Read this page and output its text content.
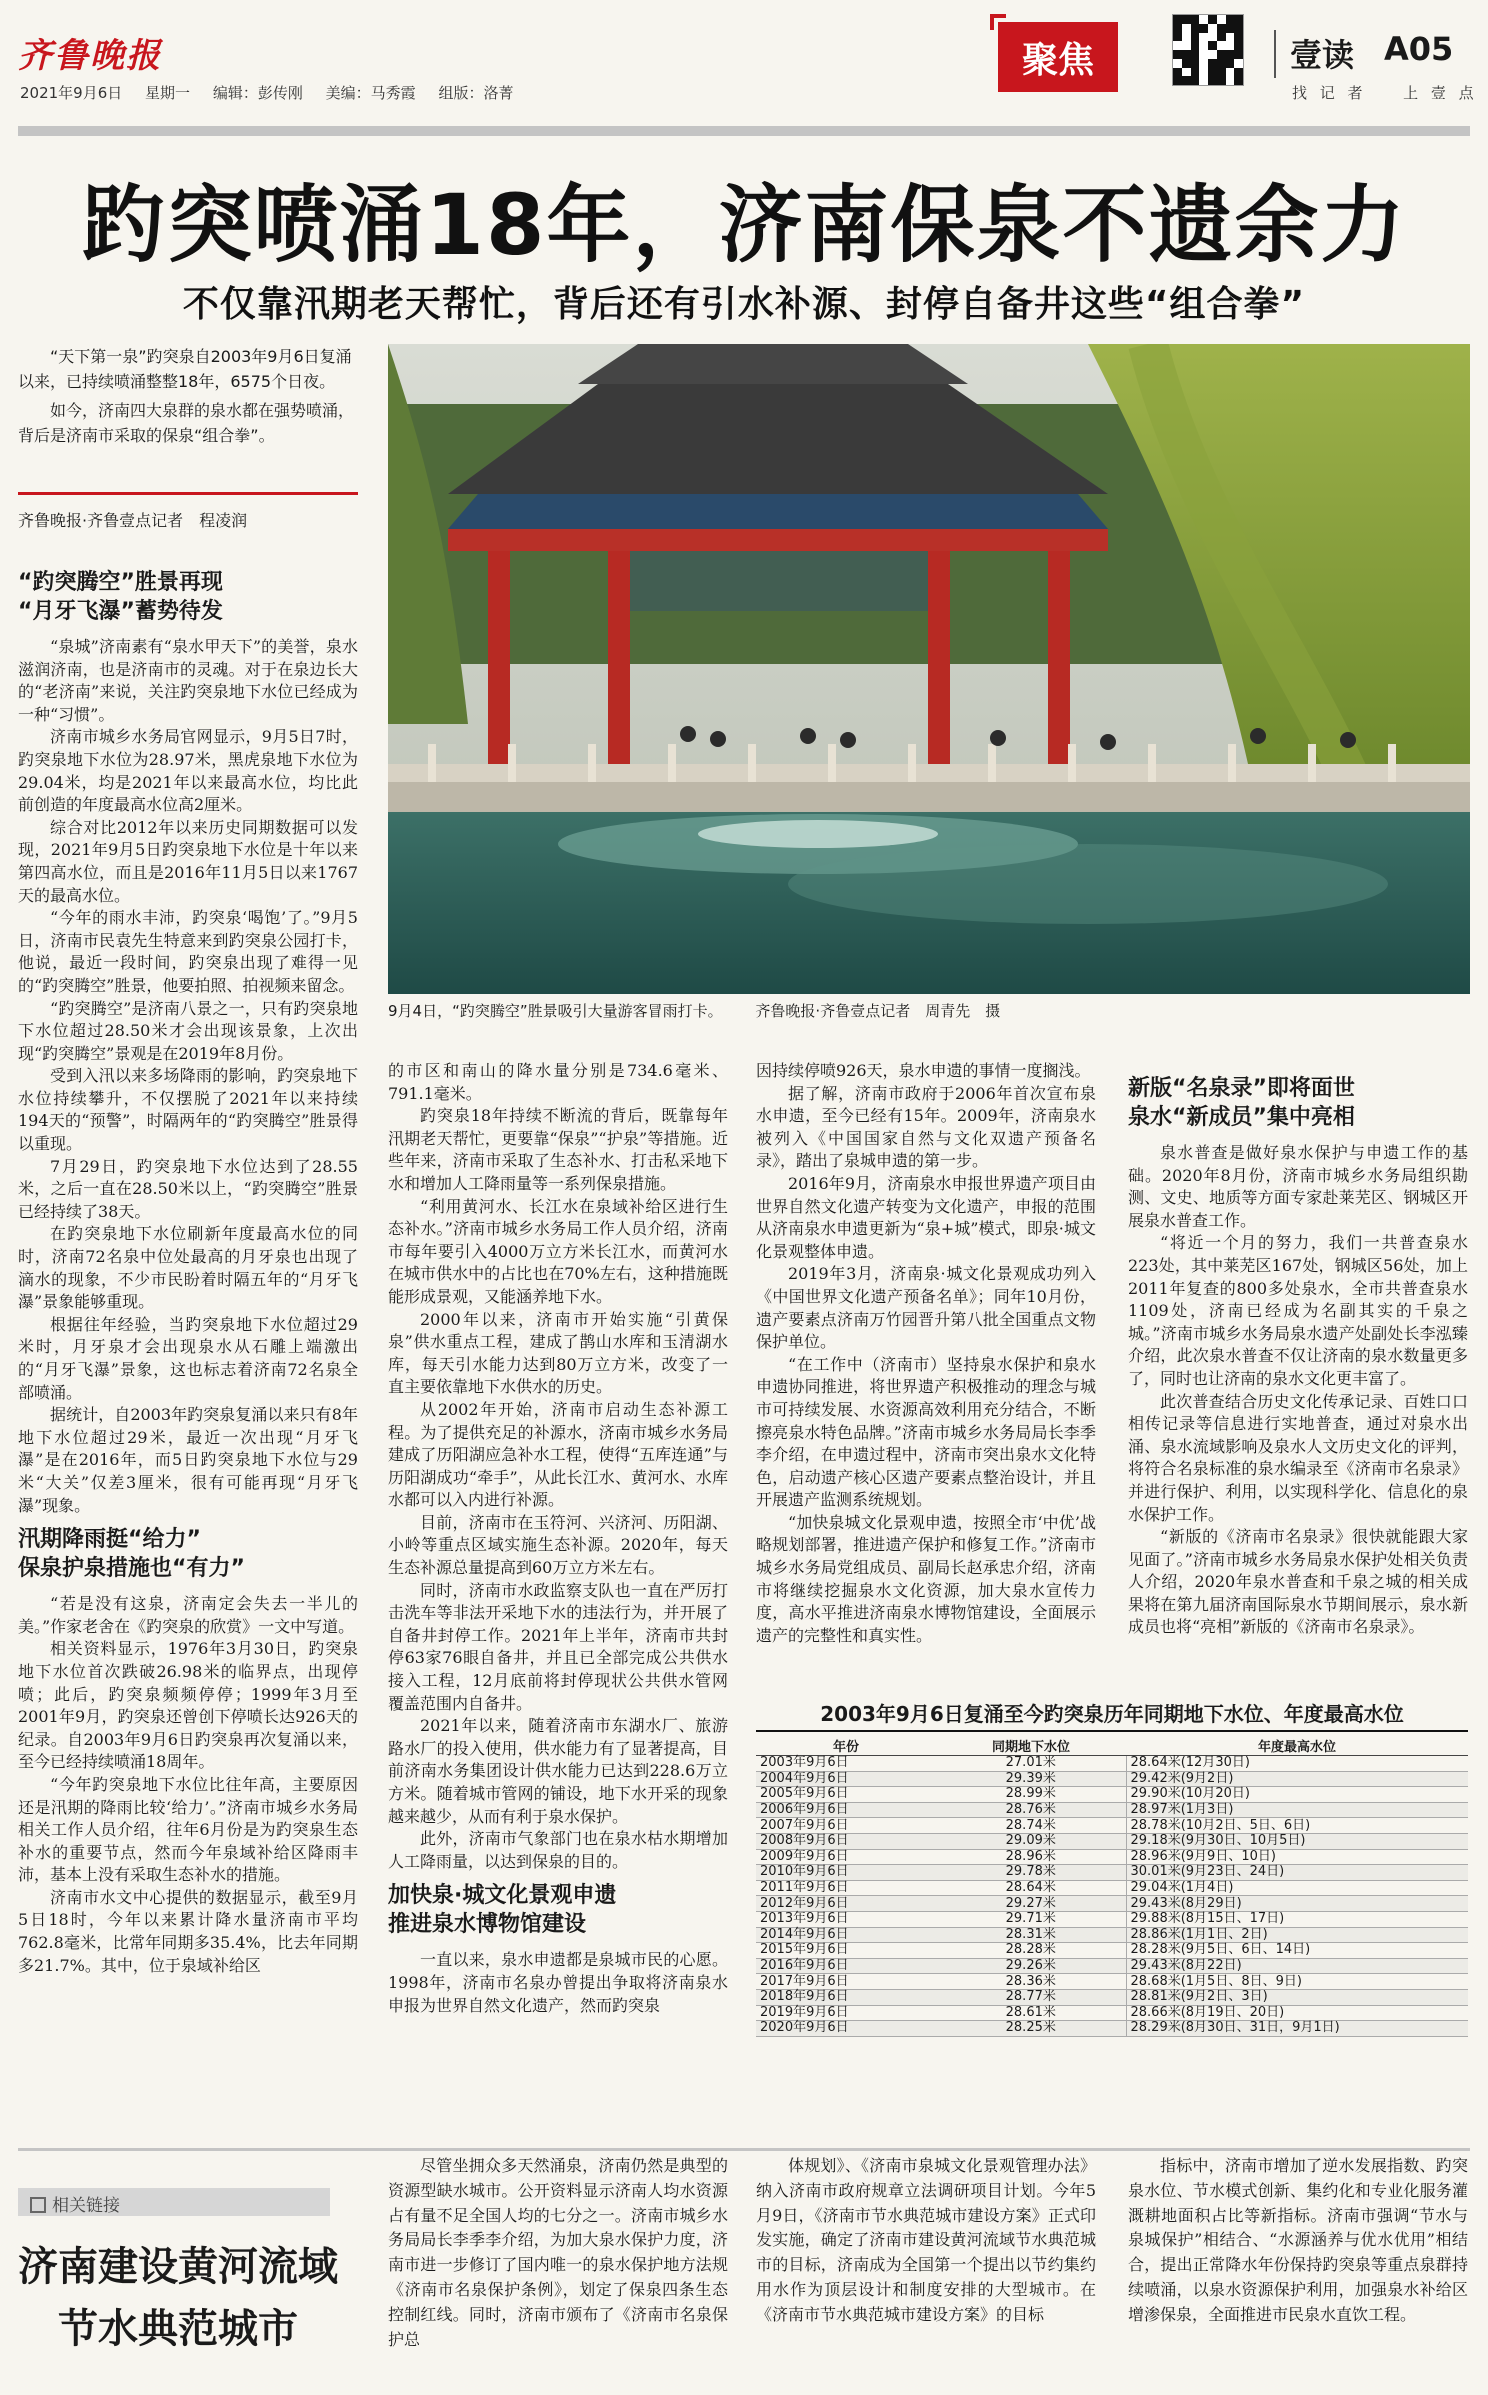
齐鲁晚报
2021年9月6日 星期一 编辑：彭传刚 美编：马秀霞 组版：洛菁
聚焦	壹读 A05
找 记 者 　 上 壹 点
趵突喷涌18年，济南保泉不遗余力
不仅靠汛期老天帮忙，背后还有引水补源、封停自备井这些“组合拳”

“天下第一泉”趵突泉自2003年9月6日复涌以来，已持续喷涌整整18年，6575个日夜。

如今，济南四大泉群的泉水都在强势喷涌，背后是济南市采取的保泉“组合拳”。

齐鲁晚报·齐鲁壹点记者　程凌润
9月4日，“趵突腾空”胜景吸引大量游客冒雨打卡。 齐鲁晚报·齐鲁壹点记者　周青先　摄
“趵突腾空”胜景再现
“月牙飞瀑”蓄势待发

“泉城”济南素有“泉水甲天下”的美誉，泉水滋润济南，也是济南市的灵魂。对于在泉边长大的“老济南”来说，关注趵突泉地下水位已经成为一种“习惯”。

济南市城乡水务局官网显示，9月5日7时，趵突泉地下水位为28.97米，黑虎泉地下水位为29.04米，均是2021年以来最高水位，均比此前创造的年度最高水位高2厘米。

综合对比2012年以来历史同期数据可以发现，2021年9月5日趵突泉地下水位是十年以来第四高水位，而且是2016年11月5日以来1767天的最高水位。

“今年的雨水丰沛，趵突泉‘喝饱’了。”9月5日，济南市民袁先生特意来到趵突泉公园打卡，他说，最近一段时间，趵突泉出现了难得一见的“趵突腾空”胜景，他要拍照、拍视频来留念。

“趵突腾空”是济南八景之一，只有趵突泉地下水位超过28.50米才会出现该景象，上次出现“趵突腾空”景观是在2019年8月份。

受到入汛以来多场降雨的影响，趵突泉地下水位持续攀升，不仅摆脱了2021年以来持续194天的“预警”，时隔两年的“趵突腾空”胜景得以重现。

7月29日，趵突泉地下水位达到了28.55米，之后一直在28.50米以上，“趵突腾空”胜景已经持续了38天。

在趵突泉地下水位刷新年度最高水位的同时，济南72名泉中位处最高的月牙泉也出现了滴水的现象，不少市民盼着时隔五年的“月牙飞瀑”景象能够重现。

根据往年经验，当趵突泉地下水位超过29米时，月牙泉才会出现泉水从石雕上端激出的“月牙飞瀑”景象，这也标志着济南72名泉全部喷涌。

据统计，自2003年趵突泉复涌以来只有8年地下水位超过29米，最近一次出现“月牙飞瀑”是在2016年，而5日趵突泉地下水位与29米“大关”仅差3厘米，很有可能再现“月牙飞瀑”现象。

汛期降雨挺“给力”
保泉护泉措施也“有力”

“若是没有这泉，济南定会失去一半儿的美。”作家老舍在《趵突泉的欣赏》一文中写道。

相关资料显示，1976年3月30日，趵突泉地下水位首次跌破26.98米的临界点，出现停喷；此后，趵突泉频频停停；1999年3月至2001年9月，趵突泉还曾创下停喷长达926天的纪录。自2003年9月6日趵突泉再次复涌以来，至今已经持续喷涌18周年。

“今年趵突泉地下水位比往年高，主要原因还是汛期的降雨比较‘给力’。”济南市城乡水务局相关工作人员介绍，往年6月份是为趵突泉生态补水的重要节点，然而今年泉域补给区降雨丰沛，基本上没有采取生态补水的措施。

济南市水文中心提供的数据显示，截至9月5日18时，今年以来累计降水量济南市平均762.8毫米，比常年同期多35.4%，比去年同期多21.7%。其中，位于泉域补给区

的市区和南山的降水量分别是734.6毫米、791.1毫米。

趵突泉18年持续不断流的背后，既靠每年汛期老天帮忙，更要靠“保泉”“护泉”等措施。近些年来，济南市采取了生态补水、打击私采地下水和增加人工降雨量等一系列保泉措施。

“利用黄河水、长江水在泉域补给区进行生态补水。”济南市城乡水务局工作人员介绍，济南市每年要引入4000万立方米长江水，而黄河水在城市供水中的占比也在70%左右，这种措施既能形成景观，又能涵养地下水。

2000年以来，济南市开始实施“引黄保泉”供水重点工程，建成了鹊山水库和玉清湖水库，每天引水能力达到80万立方米，改变了一直主要依靠地下水供水的历史。

从2002年开始，济南市启动生态补源工程。为了提供充足的补源水，济南市城乡水务局建成了历阳湖应急补水工程，使得“五库连通”与历阳湖成功“牵手”，从此长江水、黄河水、水库水都可以入内进行补源。

目前，济南市在玉符河、兴济河、历阳湖、小岭等重点区域实施生态补源。2020年，每天生态补源总量提高到60万立方米左右。

同时，济南市水政监察支队也一直在严厉打击洗车等非法开采地下水的违法行为，并开展了自备井封停工作。2021年上半年，济南市共封停63家76眼自备井，并且已全部完成公共供水接入工程，12月底前将封停现状公共供水管网覆盖范围内自备井。

2021年以来，随着济南市东湖水厂、旅游路水厂的投入使用，供水能力有了显著提高，目前济南水务集团设计供水能力已达到228.6万立方米。随着城市管网的铺设，地下水开采的现象越来越少，从而有利于泉水保护。

此外，济南市气象部门也在泉水枯水期增加人工降雨量，以达到保泉的目的。

加快泉·城文化景观申遗
推进泉水博物馆建设

一直以来，泉水申遗都是泉城市民的心愿。1998年，济南市名泉办曾提出争取将济南泉水申报为世界自然文化遗产，然而趵突泉

因持续停喷926天，泉水申遗的事情一度搁浅。

据了解，济南市政府于2006年首次宣布泉水申遗，至今已经有15年。2009年，济南泉水被列入《中国国家自然与文化双遗产预备名录》，踏出了泉城申遗的第一步。

2016年9月，济南泉水申报世界遗产项目由世界自然文化遗产转变为文化遗产，申报的范围从济南泉水申遗更新为“泉+城”模式，即泉·城文化景观整体申遗。

2019年3月，济南泉·城文化景观成功列入《中国世界文化遗产预备名单》；同年10月份，遗产要素点济南万竹园晋升第八批全国重点文物保护单位。

“在工作中（济南市）坚持泉水保护和泉水申遗协同推进，将世界遗产积极推动的理念与城市可持续发展、水资源高效利用充分结合，不断擦亮泉水特色品牌。”济南市城乡水务局局长李季李介绍，在申遗过程中，济南市突出泉水文化特色，启动遗产核心区遗产要素点整治设计，并且开展遗产监测系统规划。

“加快泉城文化景观申遗，按照全市‘中优’战略规划部署，推进遗产保护和修复工作。”济南市城乡水务局党组成员、副局长赵承忠介绍，济南市将继续挖掘泉水文化资源，加大泉水宣传力度，高水平推进济南泉水博物馆建设，全面展示遗产的完整性和真实性。

新版“名泉录”即将面世
泉水“新成员”集中亮相

泉水普查是做好泉水保护与申遗工作的基础。2020年8月份，济南市城乡水务局组织勘测、文史、地质等方面专家赴莱芜区、钢城区开展泉水普查工作。

“将近一个月的努力，我们一共普查泉水223处，其中莱芜区167处，钢城区56处，加上2011年复查的800多处泉水，全市共普查泉水1109处，济南已经成为名副其实的千泉之城。”济南市城乡水务局泉水遗产处副处长李泓臻介绍，此次泉水普查不仅让济南的泉水数量更多了，同时也让济南的泉水文化更丰富了。

此次普查结合历史文化传承记录、百姓口口相传记录等信息进行实地普查，通过对泉水出涌、泉水流域影响及泉水人文历史文化的评判，将符合名泉标准的泉水编录至《济南市名泉录》并进行保护、利用，以实现科学化、信息化的泉水保护工作。

“新版的《济南市名泉录》很快就能跟大家见面了。”济南市城乡水务局泉水保护处相关负责人介绍，2020年泉水普查和千泉之城的相关成果将在第九届济南国际泉水节期间展示，泉水新成员也将“亮相”新版的《济南市名泉录》。

2003年9月6日复涌至今趵突泉历年同期地下水位、年度最高水位
年份	同期地下水位	年度最高水位
2003年9月6日	27.01米	28.64米(12月30日)
2004年9月6日	29.39米	29.42米(9月2日)
2005年9月6日	28.99米	29.90米(10月20日)
2006年9月6日	28.76米	28.97米(1月3日)
2007年9月6日	28.74米	28.78米(10月2日、5日、6日)
2008年9月6日	29.09米	29.18米(9月30日、10月5日)
2009年9月6日	28.96米	28.96米(9月9日、10日)
2010年9月6日	29.78米	30.01米(9月23日、24日)
2011年9月6日	28.64米	29.04米(1月4日)
2012年9月6日	29.27米	29.43米(8月29日)
2013年9月6日	29.71米	29.88米(8月15日、17日)
2014年9月6日	28.31米	28.86米(1月1日、2日)
2015年9月6日	28.28米	28.28米(9月5日、6日、14日)
2016年9月6日	29.26米	29.43米(8月22日)
2017年9月6日	28.36米	28.68米(1月5日、8日、9日)
2018年9月6日	28.77米	28.81米(9月2日、3日)
2019年9月6日	28.61米	28.66米(8月19日、20日)
2020年9月6日	28.25米	28.29米(8月30日、31日，9月1日)
相关链接
济南建设黄河流域
节水典范城市

尽管坐拥众多天然涌泉，济南仍然是典型的资源型缺水城市。公开资料显示济南人均水资源占有量不足全国人均的七分之一。济南市城乡水务局局长李季李介绍，为加大泉水保护力度，济南市进一步修订了国内唯一的泉水保护地方法规《济南市名泉保护条例》，划定了保泉四条生态控制红线。同时，济南市颁布了《济南市名泉保护总

体规划》、《济南市泉城文化景观管理办法》纳入济南市政府规章立法调研项目计划。今年5月9日，《济南市节水典范城市建设方案》正式印发实施，确定了济南市建设黄河流域节水典范城市的目标，济南成为全国第一个提出以节约集约用水作为顶层设计和制度安排的大型城市。在《济南市节水典范城市建设方案》的目标

指标中，济南市增加了逆水发展指数、趵突泉水位、节水模式创新、集约化和专业化服务灌溉耕地面积占比等新指标。济南市强调“节水与泉城保护”相结合、“水源涵养与优水优用”相结合，提出正常降水年份保持趵突泉等重点泉群持续喷涌，以泉水资源保护利用，加强泉水补给区增渗保泉，全面推进市民泉水直饮工程。
